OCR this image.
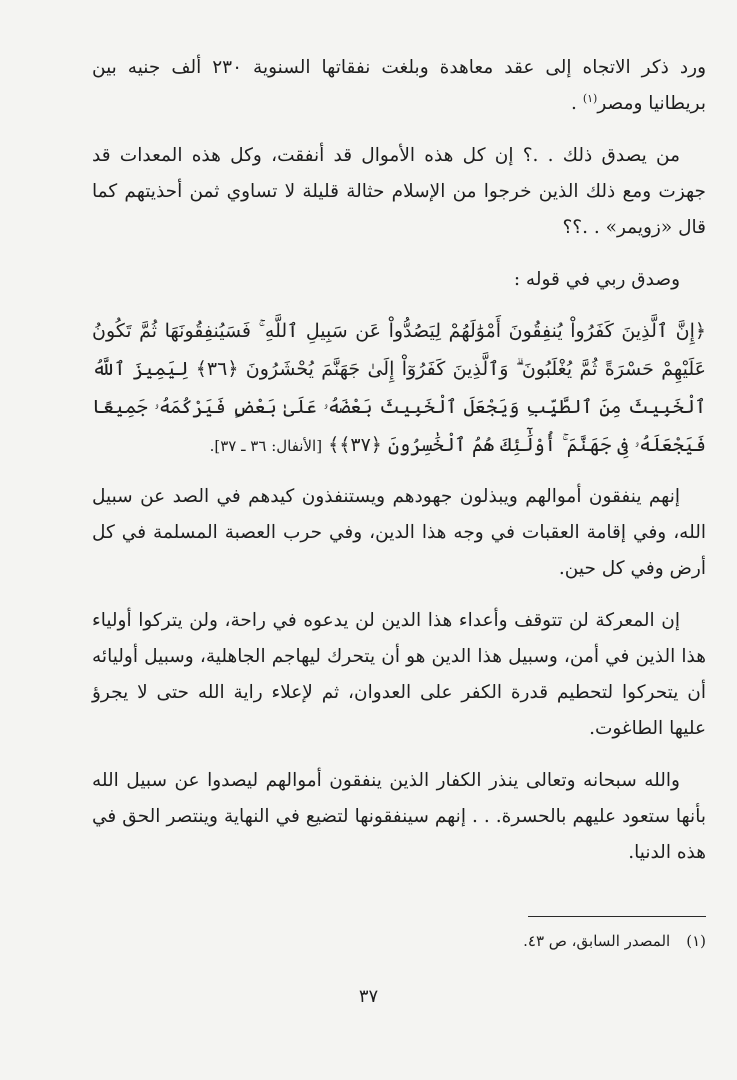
ورد ذكر الاتجاه إلى عقد معاهدة وبلغت نفقاتها السنوية ٢٣٠ ألف جنيه بين بريطانيا ومصر$^{(١)}$ .

من يصدق ذلك . .؟ إن كل هذه الأموال قد أنفقت، وكل هذه المعدات قد جهزت ومع ذلك الذين خرجوا من الإسلام حثالة قليلة لا تساوي ثمن أحذيتهم كما قال «زويمر» . .؟؟

وصدق ربي في قوله :

﴿إِنَّ ٱلَّذِينَ كَفَرُواْ يُنفِقُونَ أَمْوَٰلَهُمْ لِيَصُدُّواْ عَن سَبِيلِ ٱللَّهِ ۚ فَسَيُنفِقُونَهَا ثُمَّ تَكُونُ عَلَيْهِمْ حَسْرَةً ثُمَّ يُغْلَبُونَ ۗ وَٱلَّذِينَ كَفَرُوٓاْ إِلَىٰ جَهَنَّمَ يُحْشَرُونَ ﴿٣٦﴾ لِيَمِيزَ ٱللَّهُ ٱلْخَبِيثَ مِنَ ٱلطَّيِّبِ وَيَجْعَلَ ٱلْخَبِيثَ بَعْضَهُۥ عَلَىٰ بَعْضٍ فَيَرْكُمَهُۥ جَمِيعًا فَيَجْعَلَهُۥ فِى جَهَنَّمَ ۚ أُوْلَٰٓئِكَ هُمُ ٱلْخَٰسِرُونَ ﴿٣٧﴾﴾ [الأنفال: ٣٦ ـ ٣٧].

إنهم ينفقون أموالهم ويبذلون جهودهم ويستنفذون كيدهم في الصد عن سبيل الله، وفي إقامة العقبات في وجه هذا الدين، وفي حرب العصبة المسلمة في كل أرض وفي كل حين.

إن المعركة لن تتوقف وأعداء هذا الدين لن يدعوه في راحة، ولن يتركوا أولياء هذا الذين في أمن، وسبيل هذا الدين هو أن يتحرك ليهاجم الجاهلية، وسبيل أوليائه أن يتحركوا لتحطيم قدرة الكفر على العدوان، ثم لإعلاء راية الله حتى لا يجرؤ عليها الطاغوت.

والله سبحانه وتعالى ينذر الكفار الذين ينفقون أموالهم ليصدوا عن سبيل الله بأنها ستعود عليهم بالحسرة. . . إنهم سينفقونها لتضيع في النهاية وينتصر الحق في هذه الدنيا.

(١)المصدر السابق، ص ٤٣.
٣٧
